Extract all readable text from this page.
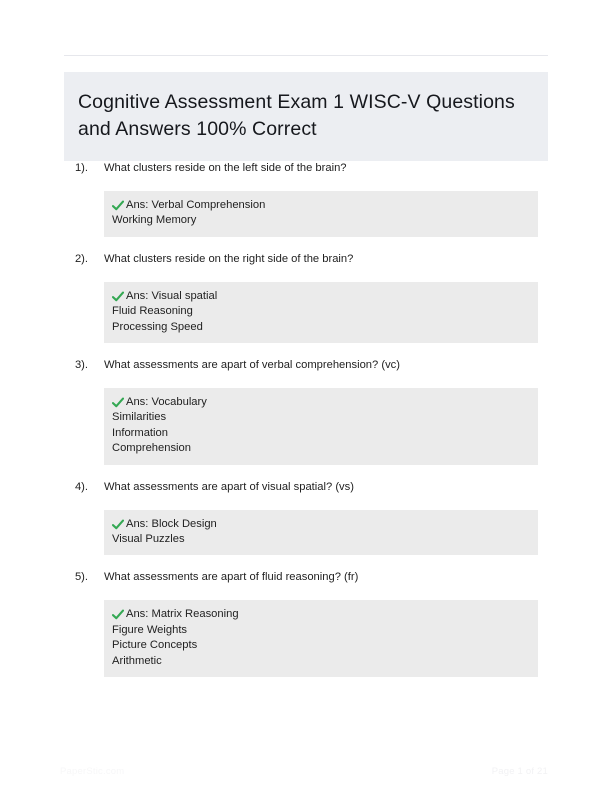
Cognitive Assessment Exam 1 WISC-V Questions and Answers 100% Correct
1). What clusters reside on the left side of the brain?
Ans: Verbal Comprehension
Working Memory
2). What clusters reside on the right side of the brain?
Ans: Visual spatial
Fluid Reasoning
Processing Speed
3). What assessments are apart of verbal comprehension? (vc)
Ans: Vocabulary
Similarities
Information
Comprehension
4). What assessments are apart of visual spatial? (vs)
Ans: Block Design
Visual Puzzles
5). What assessments are apart of fluid reasoning? (fr)
Ans: Matrix Reasoning
Figure Weights
Picture Concepts
Arithmetic
PaperStic.com	Page 1 of 21
